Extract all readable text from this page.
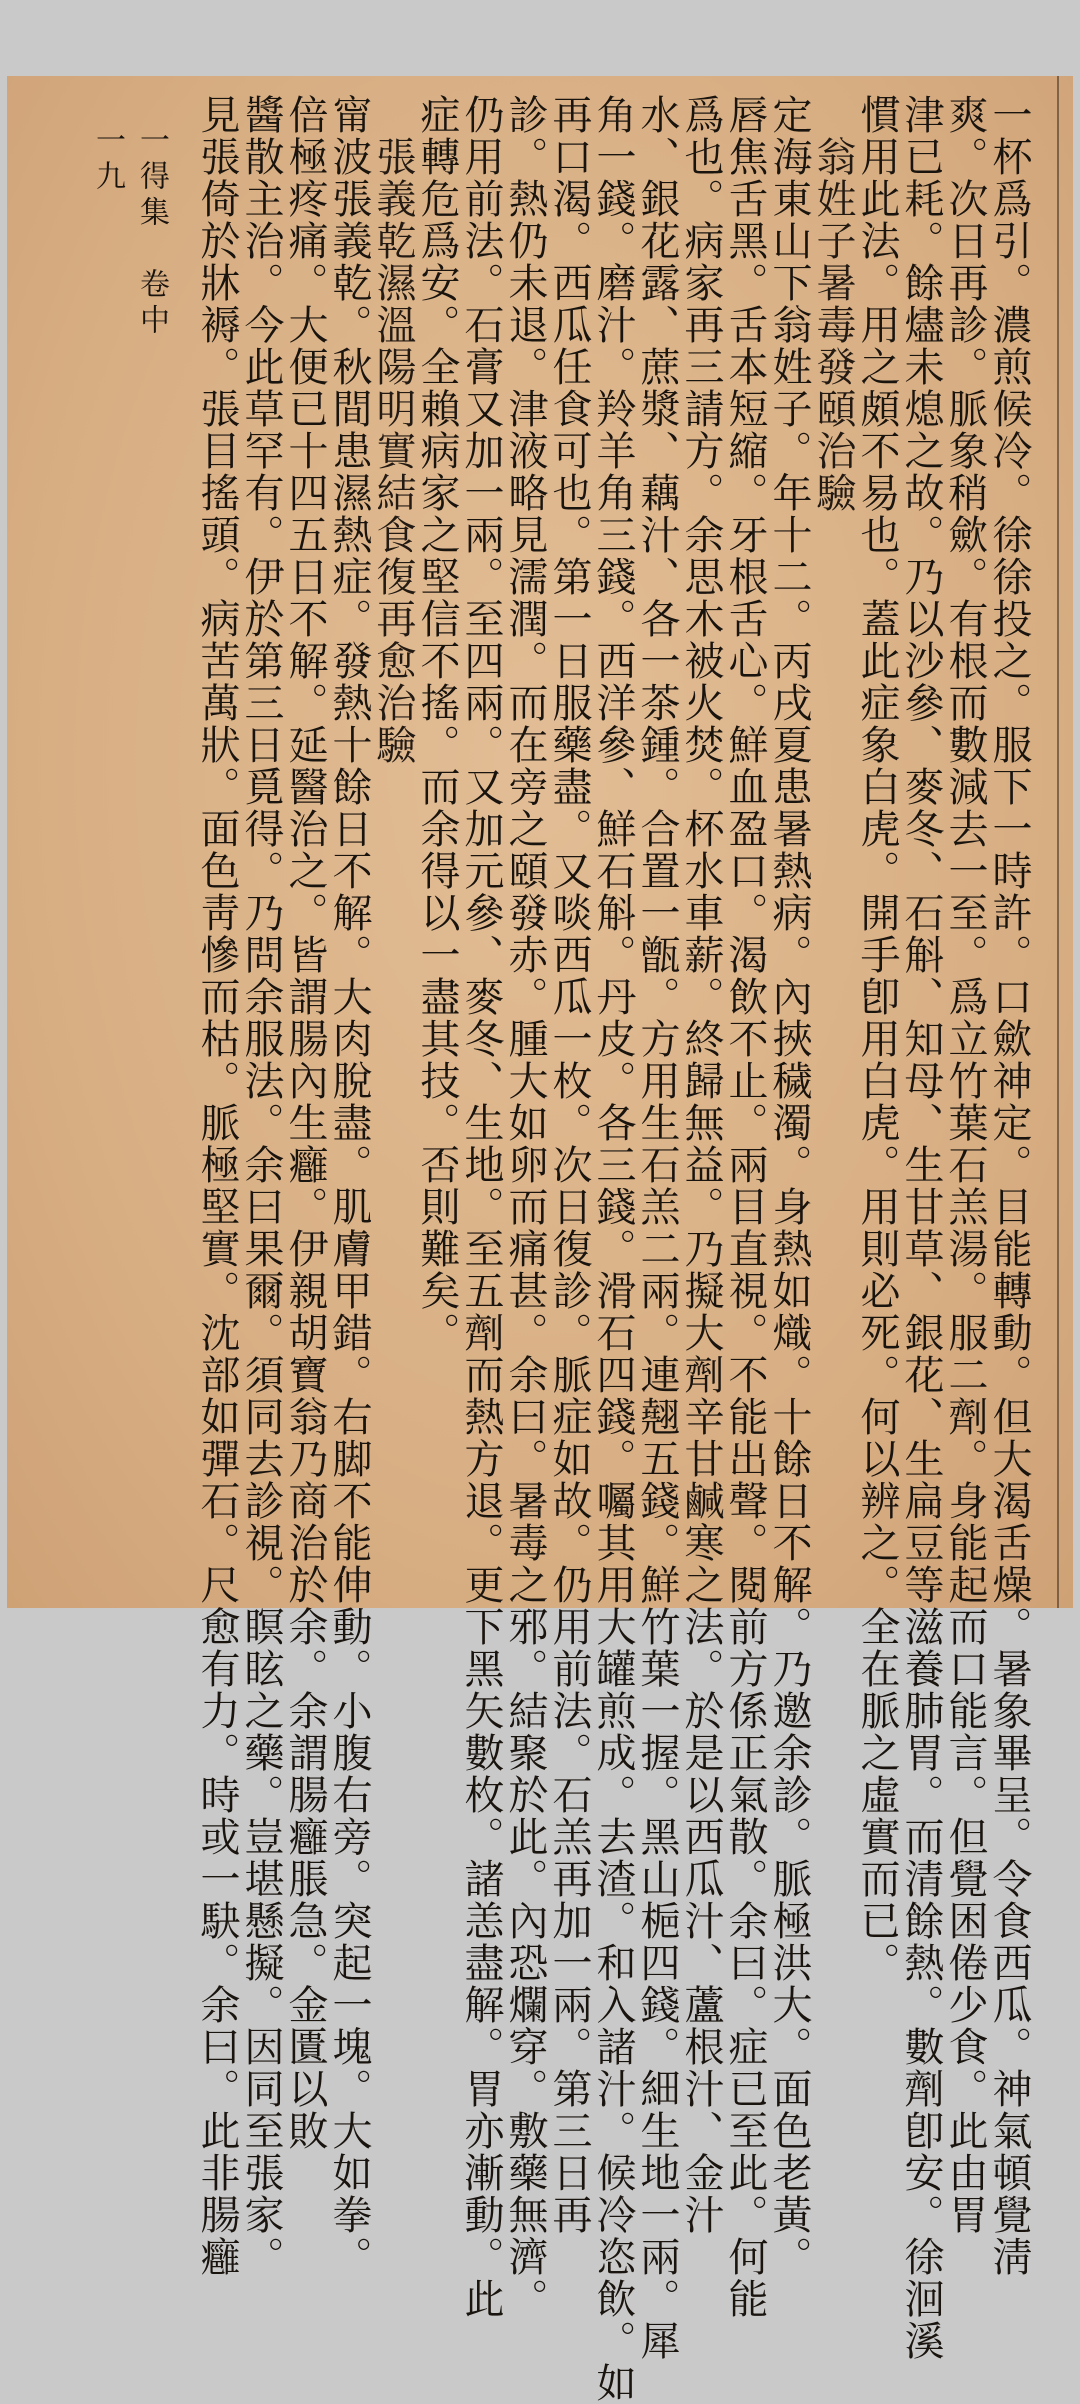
一杯爲引。濃煎候冷。徐徐投之。服下一時許。口歛神定。目能轉動。但大渴舌燥。暑象畢呈。令食西瓜。神氣頓覺淸
爽。次日再診。脈象稍歛。有根而數減去一至。爲立竹葉石羔湯。服二劑。身能起而口能言。但覺困倦少食。此由胃
津已耗。餘燼未熄之故。乃以沙參、麥冬、石斛、知母、生甘草、銀花、生扁豆等滋養肺胃。而清餘熱。數劑卽安。徐洄溪
慣用此法。用之頗不易也。蓋此症象白虎。開手卽用白虎。用則必死。何以辨之。全在脈之虛實而已。
翁姓子暑毒發頤治驗
定海東山下翁姓子。年十二。丙戌夏患暑熱病。內挾穢濁。身熱如熾。十餘日不解。乃邀余診。脈極洪大。面色老黃。
唇焦舌黑。舌本短縮。牙根舌心。鮮血盈口。渴飲不止。兩目直視。不能出聲。閱前方係正氣散。余曰。症已至此。何能
爲也。病家再三請方。余思木被火焚。杯水車薪。終歸無益。乃擬大劑辛甘鹹寒之法。於是以西瓜汁、蘆根汁、金汁
水、銀花露、蔗漿、藕汁、各一茶鍾。合置一甑。方用生石羔二兩。連翹五錢。鮮竹葉一握。黑山梔四錢。細生地一兩。犀
角一錢。磨汁。羚羊角三錢。西洋參、鮮石斛。丹皮。各三錢。滑石四錢。囑其用大罐煎成。去渣。和入諸汁。候冷恣飲。如
再口渴。西瓜任食可也。第一日服藥盡。又啖西瓜一枚。次日復診。脈症如故。仍用前法。石羔再加一兩。第三日再
診。熱仍未退。津液略見濡潤。而在旁之頤發赤。腫大如卵而痛甚。余曰。暑毒之邪。結聚於此。內恐爛穿。敷藥無濟。
仍用前法。石膏又加一兩。至四兩。又加元參、麥冬、生地。至五劑而熱方退。更下黑矢數枚。諸恙盡解。胃亦漸動。此
症轉危爲安。全賴病家之堅信不搖。而余得以一盡其技。否則難矣。
張義乾濕溫陽明實結食復再愈治驗
甯波張義乾。秋間患濕熱症。發熱十餘日不解。大肉脫盡。肌膚甲錯。右脚不能伸動。小腹右旁。突起一塊。大如拳。
倍極疼痛。大便已十四五日不解。延醫治之。皆謂腸內生癰。伊親胡寶翁乃商治於余。余謂腸癰脹急。金匱以敗
醬散主治。今此草罕有。伊於第三日覓得。乃問余服法。余曰果爾。須同去診視。瞑眩之藥。豈堪懸擬。因同至張家。
見張倚於牀褥。張目搖頭。病苦萬狀。面色靑慘而枯。脈極堅實。沈部如彈石。尺愈有力。時或一駃。余曰。此非腸癰
一得集　卷中
一九
